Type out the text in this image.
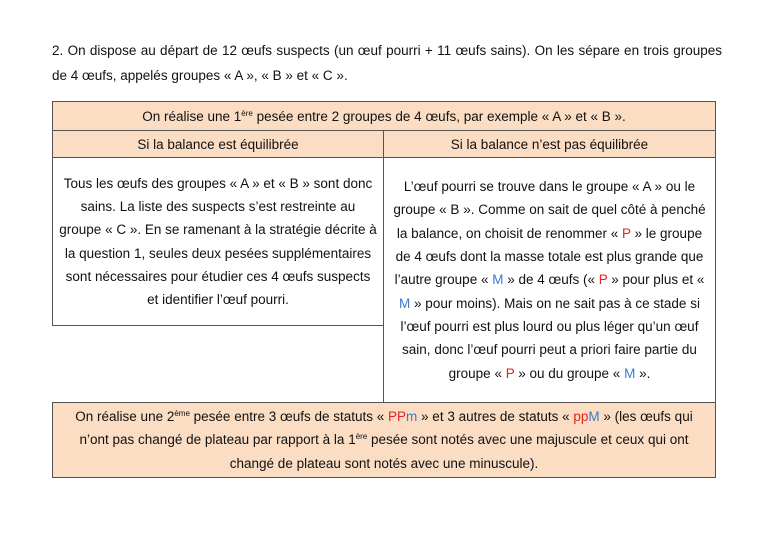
2. On dispose au départ de 12 œufs suspects (un œuf pourri + 11 œufs sains). On les sépare en trois groupes de 4 œufs, appelés groupes « A », « B » et « C ».
On réalise une 1ère pesée entre 2 groupes de 4 œufs, par exemple « A » et « B ».
Si la balance est équilibrée	Si la balance n’est pas équilibrée
Tous les œufs des groupes « A » et « B » sont donc sains. La liste des suspects s’est restreinte au groupe « C ». En se ramenant à la stratégie décrite à la question 1, seules deux pesées supplémentaires sont nécessaires pour étudier ces 4 œufs suspects et identifier l’œuf pourri.
L’œuf pourri se trouve dans le groupe « A » ou le groupe « B ». Comme on sait de quel côté à penché la balance, on choisit de renommer « P » le groupe de 4 œufs dont la masse totale est plus grande que l’autre groupe « M » de 4 œufs (« P » pour plus et « M » pour moins). Mais on ne sait pas à ce stade si l’œuf pourri est plus lourd ou plus léger qu’un œuf sain, donc l’œuf pourri peut a priori faire partie du groupe « P » ou du groupe « M ».
On réalise une 2ème pesée entre 3 œufs de statuts « PPm » et 3 autres de statuts « ppM » (les œufs qui n’ont pas changé de plateau par rapport à la 1ère pesée sont notés avec une majuscule et ceux qui ont changé de plateau sont notés avec une minuscule).
